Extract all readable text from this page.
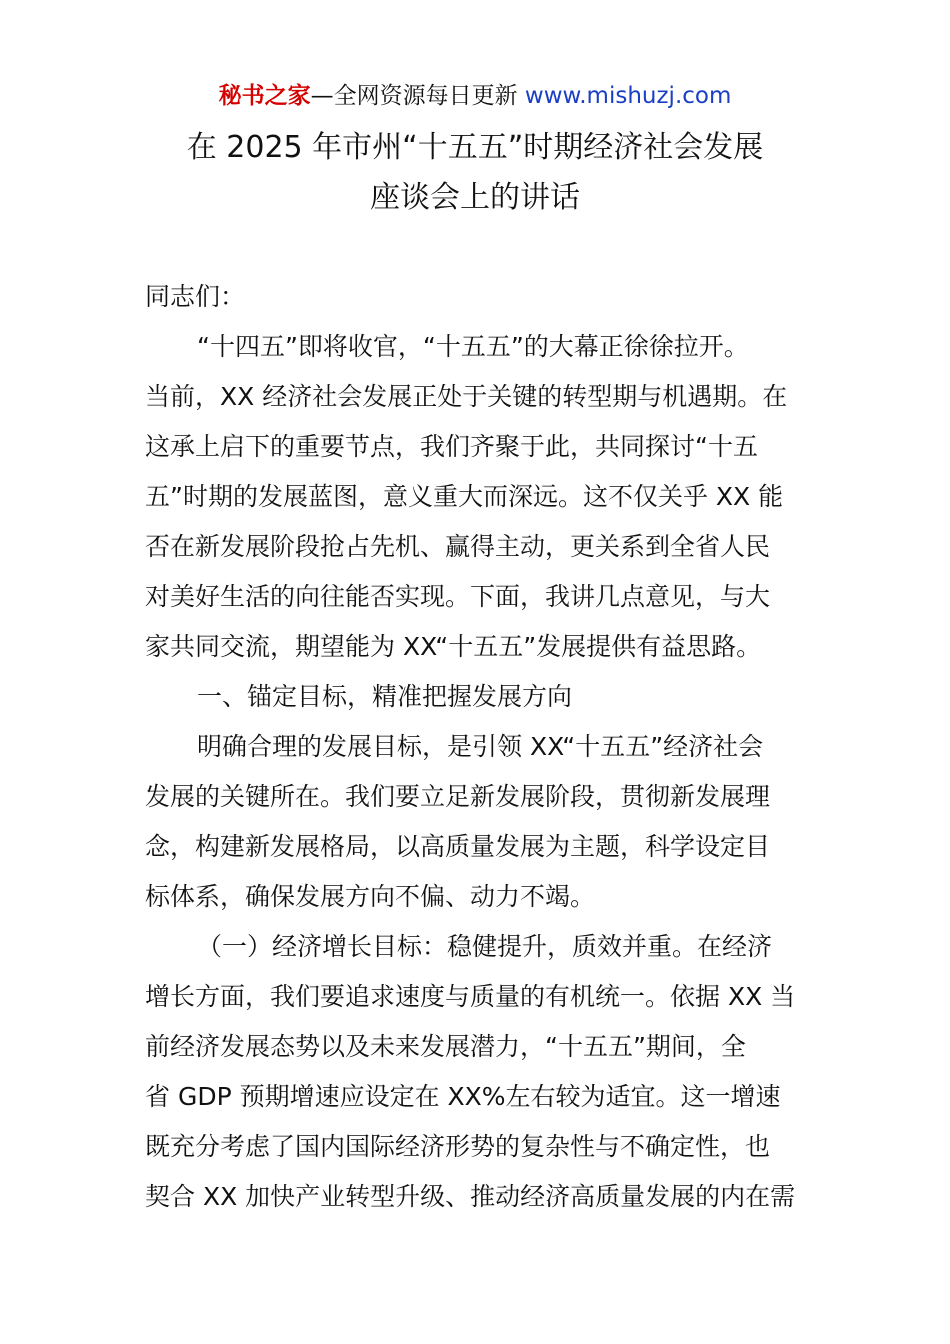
秘书之家—全网资源每日更新 www.mishuzj.com
在 2025 年市州“十五五”时期经济社会发展
座谈会上的讲话
同志们：
“十四五”即将收官，“十五五”的大幕正徐徐拉开。
当前，XX 经济社会发展正处于关键的转型期与机遇期。在
这承上启下的重要节点，我们齐聚于此，共同探讨“十五
五”时期的发展蓝图，意义重大而深远。这不仅关乎 XX 能
否在新发展阶段抢占先机、赢得主动，更关系到全省人民
对美好生活的向往能否实现。下面，我讲几点意见，与大
家共同交流，期望能为 XX“十五五”发展提供有益思路。
一、锚定目标，精准把握发展方向
明确合理的发展目标，是引领 XX“十五五”经济社会
发展的关键所在。我们要立足新发展阶段，贯彻新发展理
念，构建新发展格局，以高质量发展为主题，科学设定目
标体系，确保发展方向不偏、动力不竭。
（一）经济增长目标：稳健提升，质效并重。在经济
增长方面，我们要追求速度与质量的有机统一。依据 XX 当
前经济发展态势以及未来发展潜力，“十五五”期间，全
省 GDP 预期增速应设定在 XX%左右较为适宜。这一增速
既充分考虑了国内国际经济形势的复杂性与不确定性，也
契合 XX 加快产业转型升级、推动经济高质量发展的内在需
